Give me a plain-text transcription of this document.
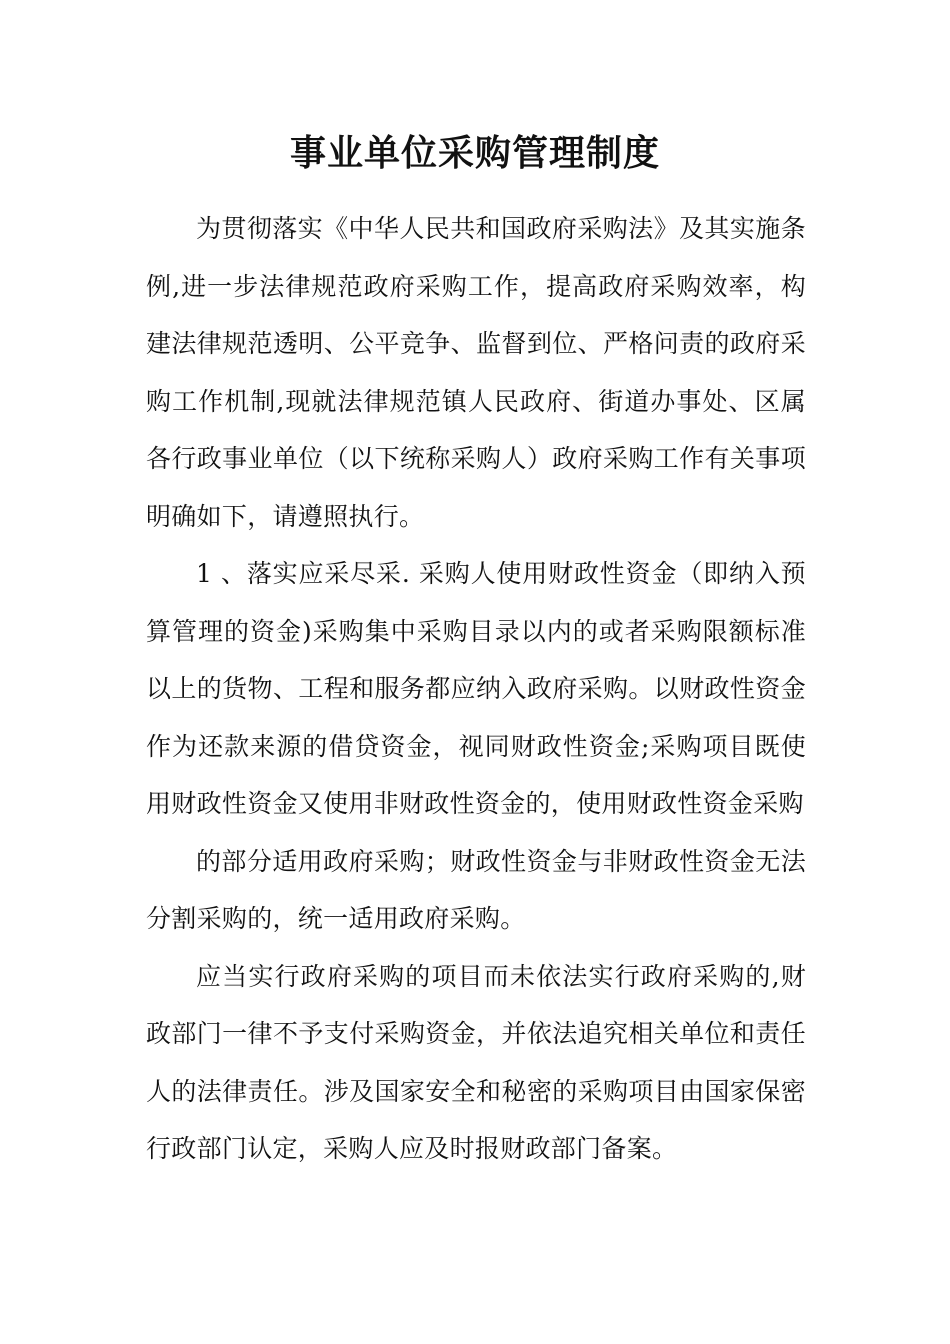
事业单位采购管理制度

为贯彻落实《中华人民共和国政府采购法》及其实施条例,进一步法律规范政府采购工作，提高政府采购效率，构建法律规范透明、公平竞争、监督到位、严格问责的政府采购工作机制,现就法律规范镇人民政府、街道办事处、区属各行政事业单位（以下统称采购人）政府采购工作有关事项明确如下，请遵照执行。

1 、落实应采尽采. 采购人使用财政性资金（即纳入预算管理的资金)采购集中采购目录以内的或者采购限额标准以上的货物、工程和服务都应纳入政府采购。以财政性资金作为还款来源的借贷资金，视同财政性资金;采购项目既使用财政性资金又使用非财政性资金的，使用财政性资金采购

的部分适用政府采购；财政性资金与非财政性资金无法分割采购的，统一适用政府采购。

应当实行政府采购的项目而未依法实行政府采购的,财政部门一律不予支付采购资金，并依法追究相关单位和责任人的法律责任。涉及国家安全和秘密的采购项目由国家保密行政部门认定，采购人应及时报财政部门备案。
